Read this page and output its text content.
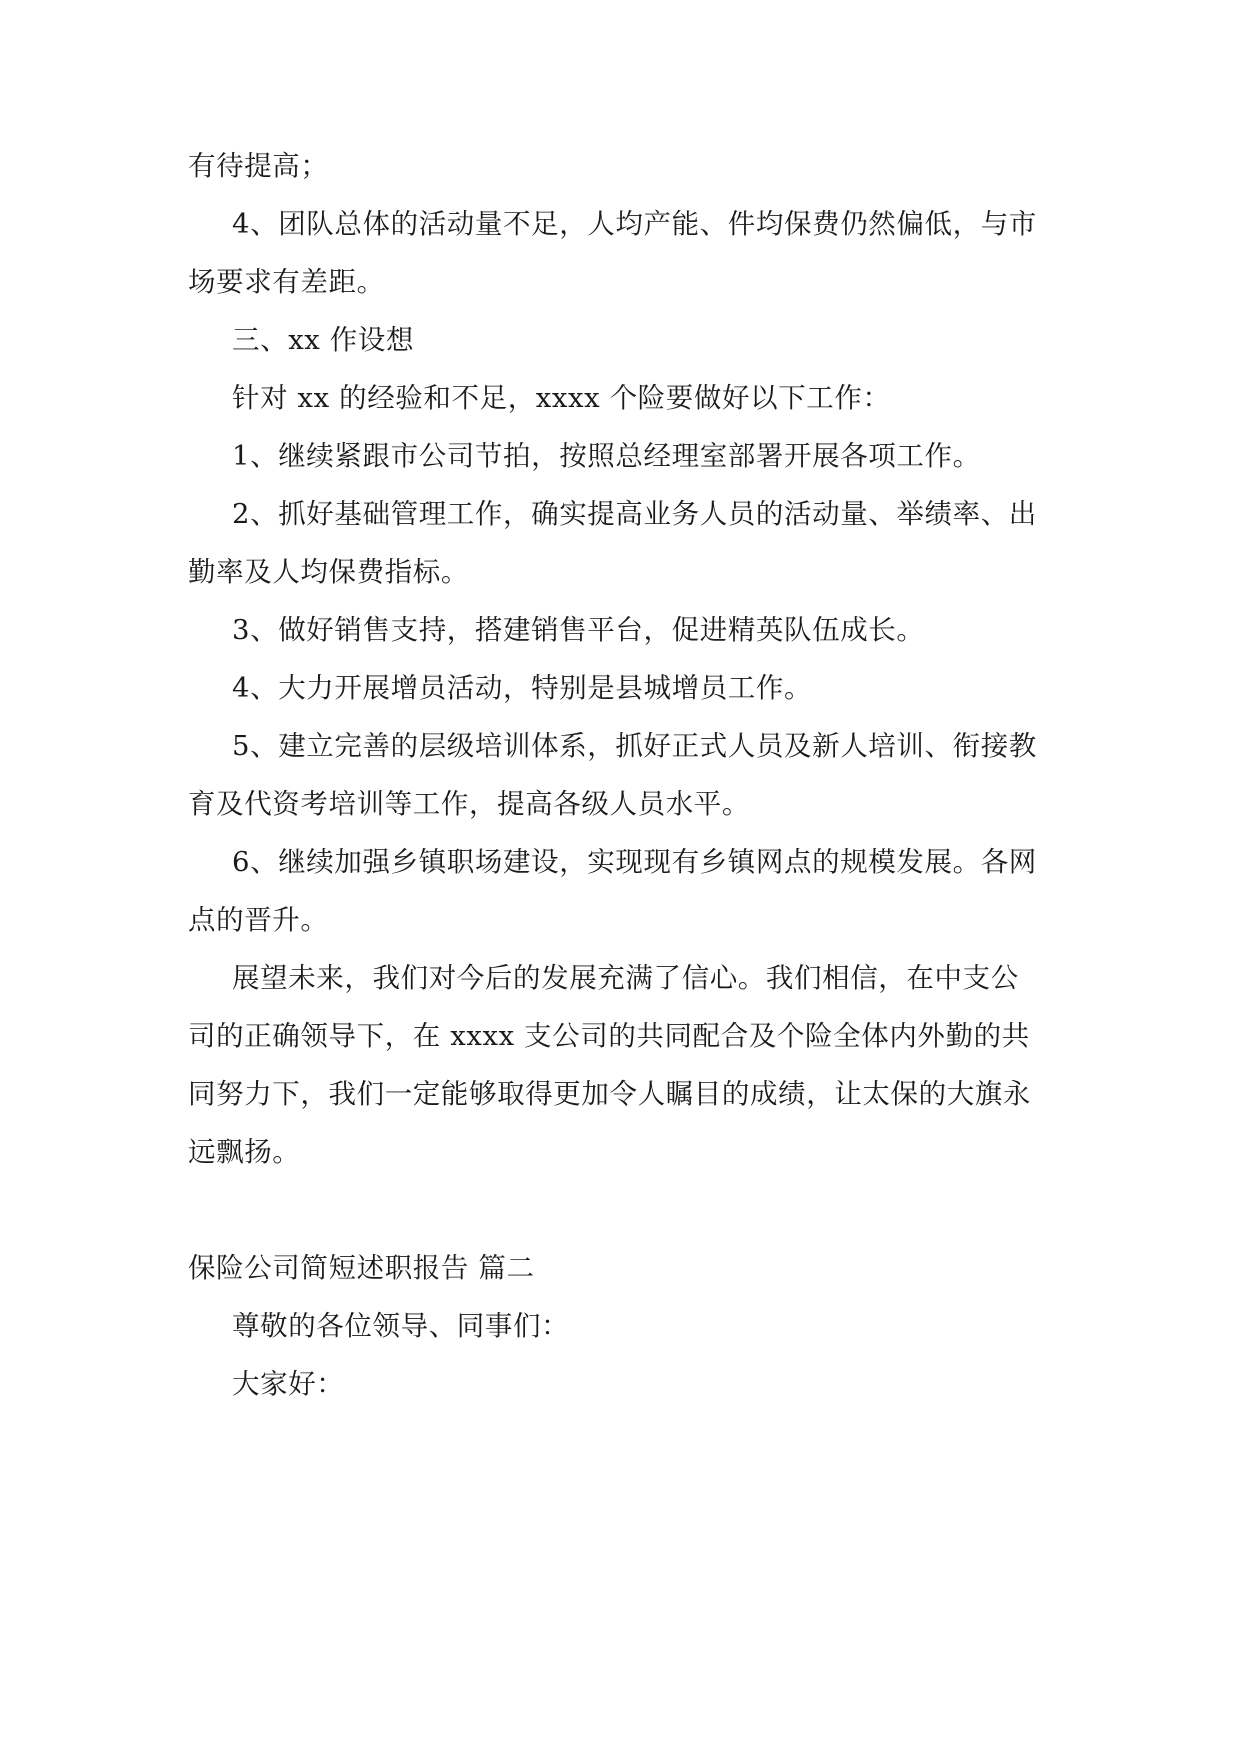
有待提高；

4、团队总体的活动量不足，人均产能、件均保费仍然偏低，与市

场要求有差距。

三、xx 作设想

针对 xx 的经验和不足，xxxx 个险要做好以下工作：

1、继续紧跟市公司节拍，按照总经理室部署开展各项工作。

2、抓好基础管理工作，确实提高业务人员的活动量、举绩率、出

勤率及人均保费指标。

3、做好销售支持，搭建销售平台，促进精英队伍成长。

4、大力开展增员活动，特别是县城增员工作。

5、建立完善的层级培训体系，抓好正式人员及新人培训、衔接教

育及代资考培训等工作，提高各级人员水平。

6、继续加强乡镇职场建设，实现现有乡镇网点的规模发展。各网

点的晋升。

展望未来，我们对今后的发展充满了信心。我们相信，在中支公

司的正确领导下，在 xxxx 支公司的共同配合及个险全体内外勤的共

同努力下，我们一定能够取得更加令人瞩目的成绩，让太保的大旗永

远飘扬。

保险公司简短述职报告 篇二

尊敬的各位领导、同事们：

大家好：
